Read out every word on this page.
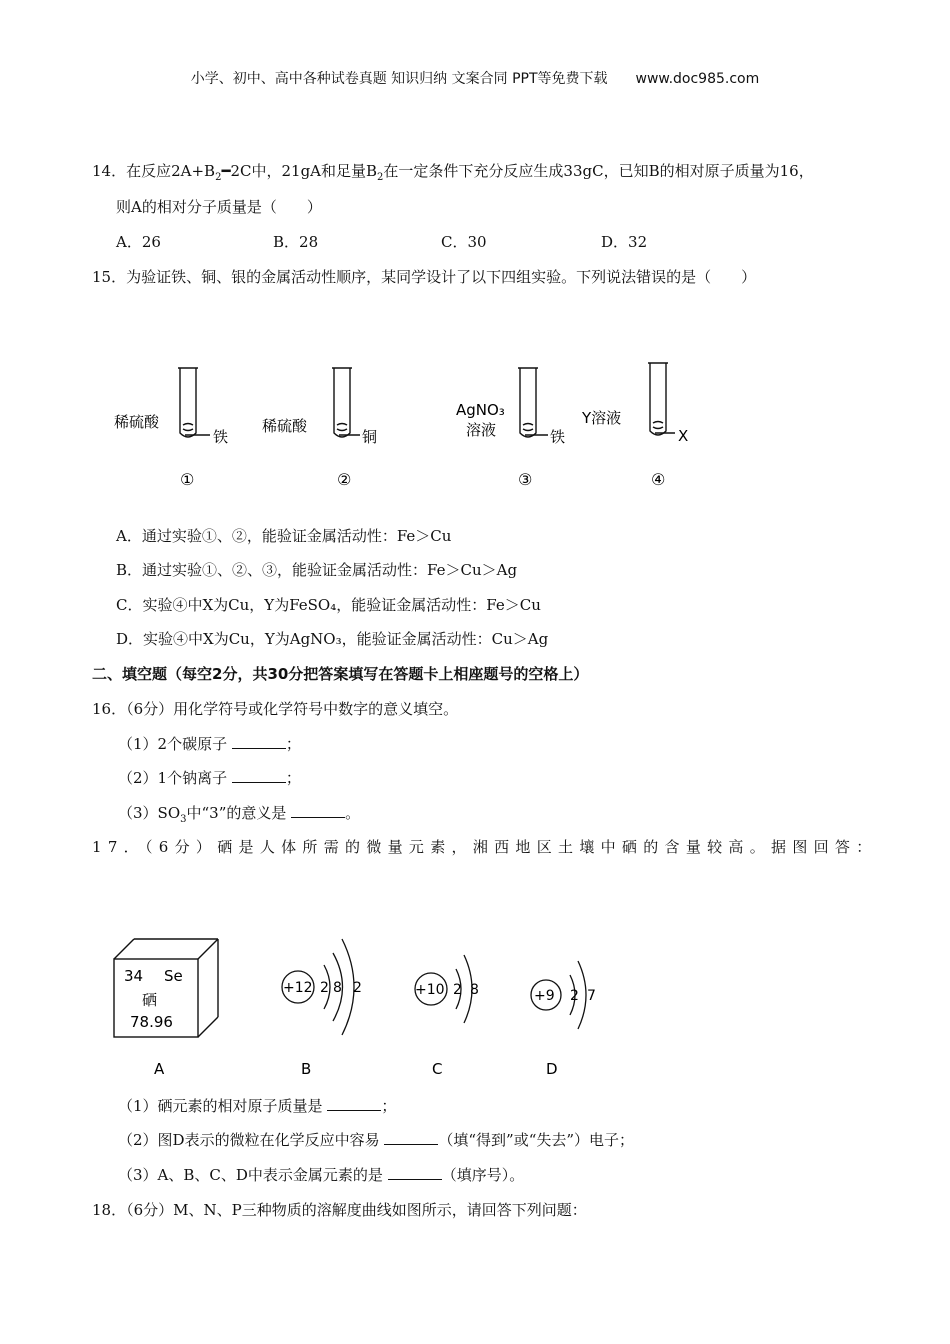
小学、初中、高中各种试卷真题 知识归纳 文案合同 PPT等免费下载 www.doc985.com
14．在反应$2A+B_2━2C$中，21gA和足量$B_2$在一定条件下充分反应生成33gC，已知B的相对原子质量为16，
则A的相对分子质量是（　　）
A．26	B．28	C．30	D．32
15．为验证铁、铜、银的金属活动性顺序，某同学设计了以下四组实验。下列说法错误的是（　　）
稀硫酸
铁
①
稀硫酸
铜
②
AgNO₃
溶液	铁
③
Y溶液
X
④
A．通过实验①、②，能验证金属活动性：Fe＞Cu
B．通过实验①、②、③，能验证金属活动性：Fe＞Cu＞Ag
C．实验④中X为Cu，Y为FeSO₄，能验证金属活动性：Fe＞Cu
D．实验④中X为Cu，Y为AgNO₃，能验证金属活动性：Cu＞Ag
二、填空题（每空2分，共30分把答案填写在答题卡上相座题号的空格上）
16．（6分）用化学符号或化学符号中数字的意义填空。
（1）2个碳原子	；
（2）1个钠离子	；
$(3)SO_3$中“3”的意义是	。
17．（6分）硒是人体所需的微量元素，湘西地区土壤中硒的含量较高。据图回答：
34 Se
硒
78.96
A
+12 2 8 2
B
+10 2 8
C
+9 2 7
D
（1）硒元素的相对原子质量是	；
（2）图D表示的微粒在化学反应中容易	（填“得到”或“失去”）电子；
（3）A、B、C、D中表示金属元素的是	（填序号）。
18．（6分）M、N、P三种物质的溶解度曲线如图所示，请回答下列问题：
